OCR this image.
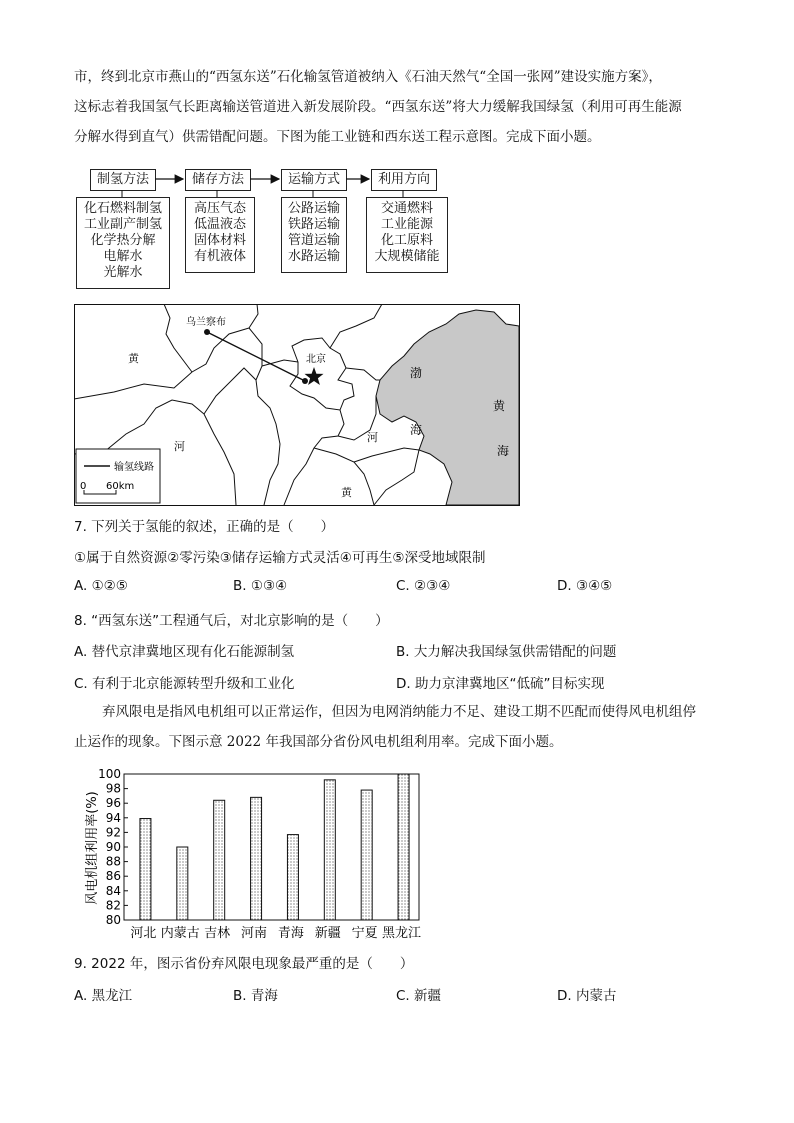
市，终到北京市燕山的“西氢东送”石化输氢管道被纳入《石油天然气“全国一张网”建设实施方案》，
这标志着我国氢气长距离输送管道进入新发展阶段。“西氢东送”将大力缓解我国绿氢（利用可再生能源
分解水得到直气）供需错配问题。下图为能工业链和西东送工程示意图。完成下面小题。
制氢方法	储存方法	运输方式	利用方向
化石燃料制氢
工业副产制氢
化学热分解
电解水
光解水
高压气态
低温液态
固体材料
有机液体
公路运输
铁路运输
管道运输
水路运输
交通燃料
工业能源
化工原料
大规模储能
乌兰察布
北京
黄
河
河
黄
渤
海
黄
海
输氢线路
0 60km
7. 下列关于氢能的叙述，正确的是（　　）
①属于自然资源②零污染③储存运输方式灵活④可再生⑤深受地域限制
A. ①②⑤	B. ①③④	C. ②③④	D. ③④⑤
8. “西氢东送”工程通气后，对北京影响的是（　　）
A. 替代京津冀地区现有化石能源制氢	B. 大力解决我国绿氢供需错配的问题
C. 有利于北京能源转型升级和工业化	D. 助力京津冀地区“低硫”目标实现
弃风限电是指风电机组可以正常运作，但因为电网消纳能力不足、建设工期不匹配而使得风电机组停
止运作的现象。下图示意 2022 年我国部分省份风电机组利用率。完成下面小题。
风电机组利用率(%)
80
82
84
86
88
90
92
94
96
98
100
河北 内蒙古 吉林 河南 青海 新疆 宁夏 黑龙江
9. 2022 年，图示省份弃风限电现象最严重的是（　　）
A. 黑龙江	B. 青海	C. 新疆	D. 内蒙古
